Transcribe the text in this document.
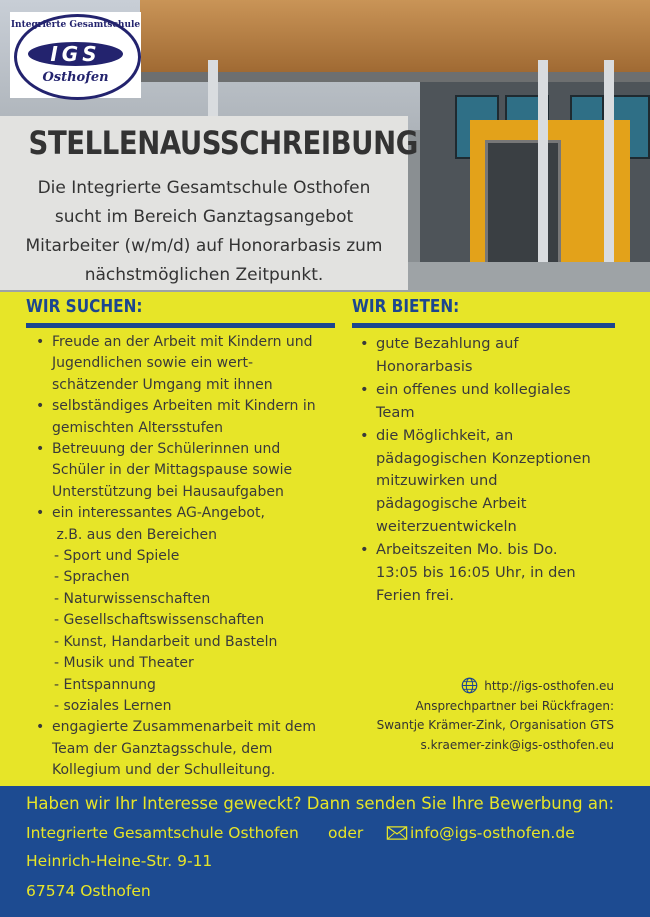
Integrierte Gesamtschule
IGS
Osthofen
STELLENAUSSCHREIBUNG
Die Integrierte Gesamtschule Osthofen
sucht im Bereich Ganztagsangebot
Mitarbeiter (w/m/d) auf Honorarbasis zum
nächstmöglichen Zeitpunkt.
WIR SUCHEN:
• Freude an der Arbeit mit Kindern und
Jugendlichen sowie ein wert-
schätzender Umgang mit ihnen
• selbständiges Arbeiten mit Kindern in
gemischten Altersstufen
• Betreuung der Schülerinnen und
Schüler in der Mittagspause sowie
Unterstützung bei Hausaufgaben
• ein interessantes AG-Angebot,
z.B. aus den Bereichen
- Sport und Spiele
- Sprachen
- Naturwissenschaften
- Gesellschaftswissenschaften
- Kunst, Handarbeit und Basteln
- Musik und Theater
- Entspannung
- soziales Lernen
• engagierte Zusammenarbeit mit dem
Team der Ganztagsschule, dem
Kollegium und der Schulleitung.
WIR BIETEN:
• gute Bezahlung auf
Honorarbasis
• ein offenes und kollegiales
Team
• die Möglichkeit, an
pädagogischen Konzeptionen
mitzuwirken und
pädagogische Arbeit
weiterzuentwickeln
• Arbeitszeiten Mo. bis Do.
13:05 bis 16:05 Uhr, in den
Ferien frei.
http://igs-osthofen.eu
Ansprechpartner bei Rückfragen:
Swantje Krämer-Zink, Organisation GTS
s.kraemer-zink@igs-osthofen.eu
Haben wir Ihr Interesse geweckt? Dann senden Sie Ihre Bewerbung an:
Integrierte Gesamtschule Osthofen oder	info@igs-osthofen.de
Heinrich-Heine-Str. 9-11
67574 Osthofen
